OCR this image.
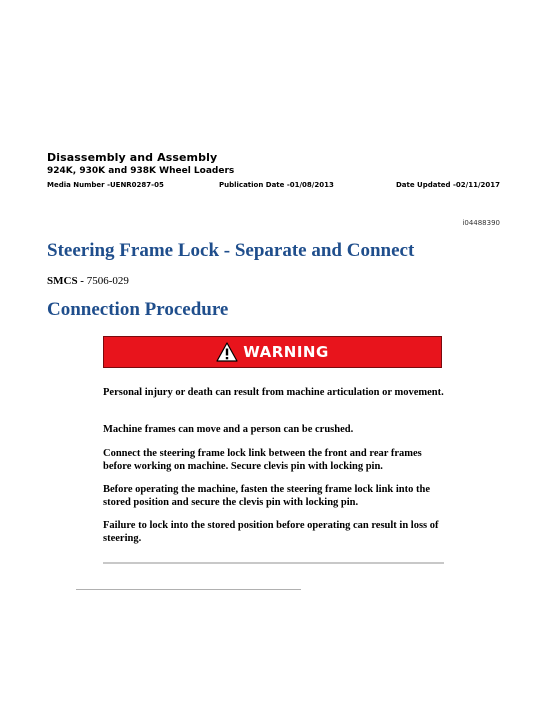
Disassembly and Assembly
924K, 930K and 938K Wheel Loaders
Media Number -UENR0287-05	Publication Date -01/08/2013	Date Updated -02/11/2017
i04488390
Steering Frame Lock - Separate and Connect
SMCS - 7506-029
Connection Procedure
WARNING
Personal injury or death can result from machine articulation or movement.
Machine frames can move and a person can be crushed.
Connect the steering frame lock link between the front and rear frames before working on machine. Secure clevis pin with locking pin.
Before operating the machine, fasten the steering frame lock link into the stored position and secure the clevis pin with locking pin.
Failure to lock into the stored position before operating can result in loss of steering.
